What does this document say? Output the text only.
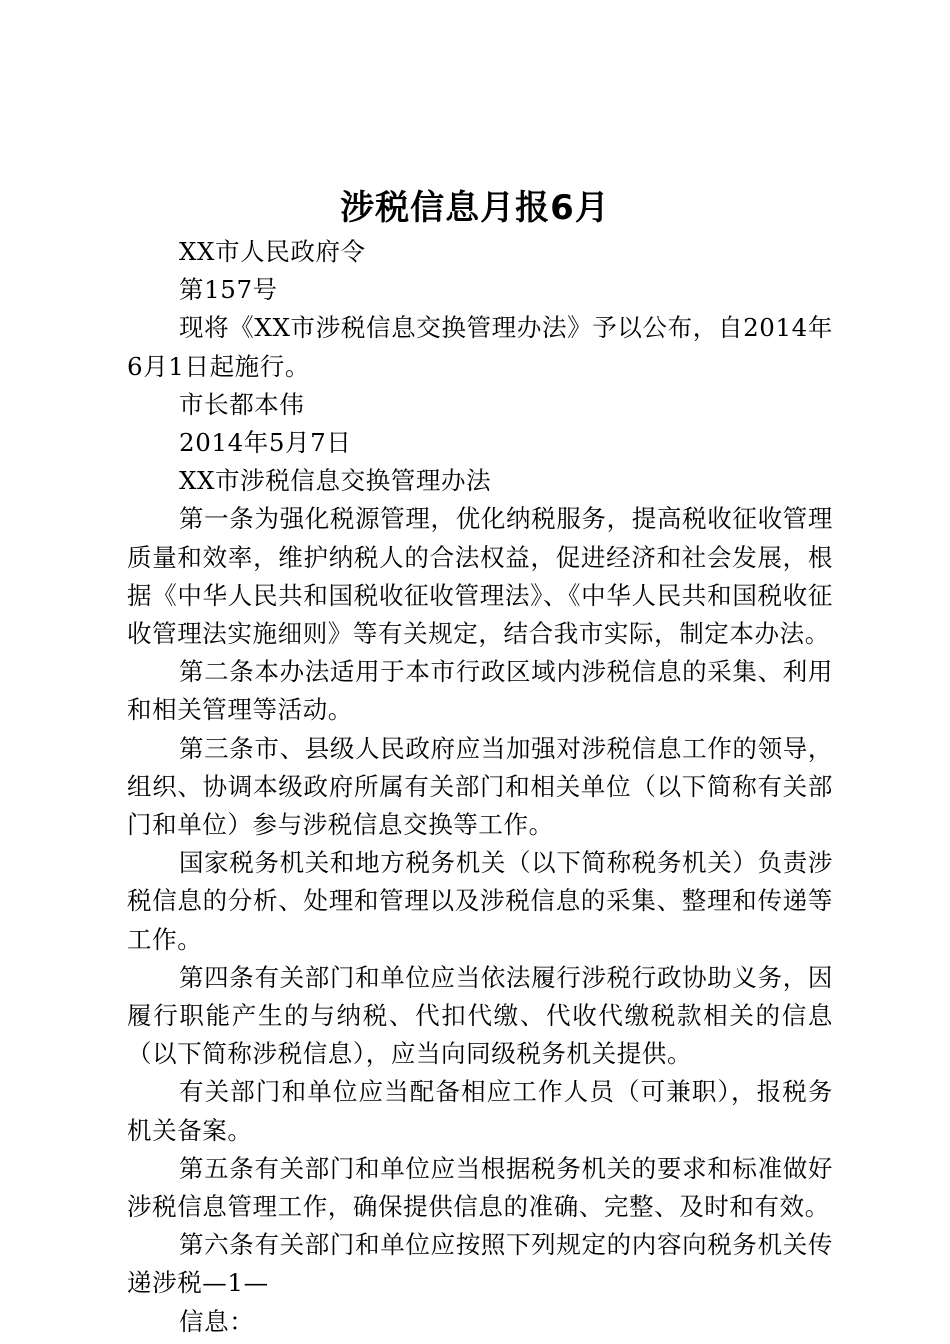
涉税信息月报6月

XX市人民政府令

第157号

现将《XX市涉税信息交换管理办法》予以公布，自2014年6月1日起施行。

市长都本伟

2014年5月7日

XX市涉税信息交换管理办法

第一条为强化税源管理，优化纳税服务，提高税收征收管理质量和效率，维护纳税人的合法权益，促进经济和社会发展，根据《中华人民共和国税收征收管理法》、《中华人民共和国税收征收管理法实施细则》等有关规定，结合我市实际，制定本办法。

第二条本办法适用于本市行政区域内涉税信息的采集、利用和相关管理等活动。

第三条市、县级人民政府应当加强对涉税信息工作的领导，组织、协调本级政府所属有关部门和相关单位（以下简称有关部门和单位）参与涉税信息交换等工作。

国家税务机关和地方税务机关（以下简称税务机关）负责涉税信息的分析、处理和管理以及涉税信息的采集、整理和传递等工作。

第四条有关部门和单位应当依法履行涉税行政协助义务，因履行职能产生的与纳税、代扣代缴、代收代缴税款相关的信息（以下简称涉税信息），应当向同级税务机关提供。

有关部门和单位应当配备相应工作人员（可兼职），报税务机关备案。

第五条有关部门和单位应当根据税务机关的要求和标准做好涉税信息管理工作，确保提供信息的准确、完整、及时和有效。

第六条有关部门和单位应按照下列规定的内容向税务机关传递涉税—1—

信息：
